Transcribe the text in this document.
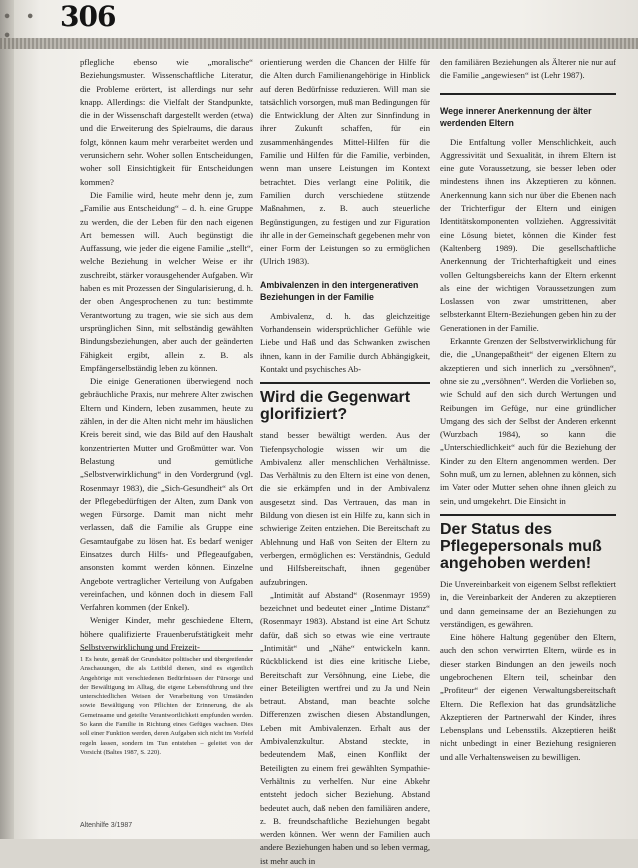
∙ ∙ ∙
306

pflegliche ebenso wie „moralische“ Beziehungsmuster. Wissenschaftliche Literatur, die Probleme erörtert, ist allerdings nur sehr knapp. Allerdings: die Vielfalt der Standpunkte, die in der Wissenschaft dargestellt werden (etwa) und die Erweiterung des Spielraums, die daraus folgt, können kaum mehr verarbeitet werden und verunsichern sehr. Woher sollen Entscheidungen, woher soll Einsichtigkeit für Entscheidungen kommen?

Die Familie wird, heute mehr denn je, zum „Familie aus Entscheidung“ – d. h. eine Gruppe zu werden, die der Leben für den nach eigenen Art bemessen will. Auch begünstigt die Auffassung, wie jeder die eigene Familie „stellt“, welche Beziehung in welcher Weise er ihr zuschreibt, stärker vorausgehender Aufgaben. Wir haben es mit Prozessen der Singularisierung, d. h. der oben Angesprochenen zu tun: bestimmte Verantwortung zu tragen, wie sie sich aus dem ursprünglichen Sinn, mit selbständig gewählten Bindungsbeziehungen, aber auch der geänderten Fähigkeit ergibt, allein z. B. als Empfängerselbständig leben zu können.

Die einige Generationen überwiegend noch gebräuchliche Praxis, nur mehrere Alter zwischen Eltern und Kindern, leben zusammen, heute zu zählen, in der die Alten nicht mehr im häuslichen Kreis bereit sind, wie das Bild auf den Haushalt konzentrierten Mutter und Großmütter war. Von Belastung und gemütliche „Selbstverwirklichung“ in den Vordergrund (vgl. Rosenmayr 1983), die „Sich-Gesundheit“ als Ort der Pflegebedürftigen der Alten, zum Dank von wegen Fürsorge. Damit man nicht mehr verlassen, daß die Familie als Gruppe eine Gesamtaufgabe zu lösen hat. Es bedarf weniger Einsatzes durch Hilfs- und Pflegeaufgaben, ansonsten kommt werden können. Einzelne Angebote vertraglicher Verteilung von Aufgaben vereinfachen, und können doch in diesem Fall Verfahren kommen (der Enkel).

Weniger Kinder, mehr geschiedene Eltern, höhere qualifizierte Frauenberufstätigkeit mehr Selbstverwirklichung und Freizeit-

1 Es heute, gemäß der Grundsätze politischer und übergreifender Anschauungen, die als Leitbild dienen, sind es eigentlich Angehörige mit verschiedenen Bedürfnissen der Fürsorge und der Bewältigung im Alltag, die eigene Lebensführung und ihre unterschiedlichen Weisen der Verarbeitung von Umständen sowie Bewältigung von Pflichten der Erinnerung, die als Gemeinsame und geteilte Verantwortlichkeit empfunden werden. So kann die Familie in Richtung eines Gefüges wachsen. Dies soll einer Funktion werden, deren Aufgaben sich nicht im Vorfeld regeln lassen, sondern im Tun entstehen – geleitet von der Vorsicht (Baltes 1987, S. 220).

orientierung werden die Chancen der Hilfe für die Alten durch Familienangehörige in Hinblick auf deren Bedürfnisse reduzieren. Will man sie tatsächlich vorsorgen, muß man Bedingungen für die Entwicklung der Alten zur Sinnfindung in ihrer Zukunft schaffen, für ein zusammenhängendes Mittel-Hilfen für die Familie und Hilfen für die Familie, verbinden, wenn man unsere Leistungen im Kontext betrachtet. Dies verlangt eine Politik, die Familien durch verschiedene stützende Maßnahmen, z. B. auch steuerliche Begünstigungen, zu festigen und zur Figuration ihr alle in der Gemeinschaft gegebenen mehr von einer Form der Leistungen so zu ermöglichen (Ulrich 1983).

Ambivalenzen in den intergenerativen Beziehungen in der Familie

Ambivalenz, d. h. das gleichzeitige Vorhandensein widersprüchlicher Gefühle wie Liebe und Haß und das Schwanken zwischen ihnen, kann in der Familie durch Abhängigkeit, Kontakt und psychisches Ab-

Wird die Gegenwart glorifiziert?

stand besser bewältigt werden. Aus der Tiefenpsychologie wissen wir um die Ambivalenz aller menschlichen Verhältnisse. Das Verhältnis zu den Eltern ist eine von denen, die sie erkämpfen und in der Ambivalenz ausgesetzt sind. Das Vertrauen, das man in Bildung von diesen ist ein Hilfe zu, kann sich in schwierige Zeiten entziehen. Die Bereitschaft zu Ablehnung und Haß von Seiten der Eltern zu verbergen, ermöglichen es: Verständnis, Geduld und Hilfsbereitschaft, ihnen gegenüber aufzubringen.

„Intimität auf Abstand“ (Rosenmayr 1959) bezeichnet und bedeutet einer „Intime Distanz“ (Rosenmayr 1983). Abstand ist eine Art Schutz dafür, daß sich so etwas wie eine vertraute „Intimität“ und „Nähe“ entwickeln kann. Rückblickend ist dies eine kritische Liebe, Bereitschaft zur Versöhnung, eine Liebe, die einer Beteiligten wertfrei und zu Ja und Nein betraut. Abstand, man beachte solche Differenzen zwischen diesen Abstandlungen, Leben mit Ambivalenzen. Erhalt aus der Ambivalenzkultur. Abstand steckte, in bedeutendem Maß, einen Konflikt der Beteiligten zu einem frei gewählten Sympathie-Verhältnis zu verhelfen. Nur eine Abkehr entsteht jedoch sicher Beziehung. Abstand bedeutet auch, daß neben den familiären andere, z. B. freundschaftliche Beziehungen begabt werden können. Wer wenn der Familien auch andere Beziehungen haben und so leben vermag, ist mehr auch in

den familiären Beziehungen als Älterer nie nur auf die Familie „angewiesen“ ist (Lehr 1987).

Wege innerer Anerkennung der älter werdenden Eltern

Die Entfaltung voller Menschlichkeit, auch Aggressivität und Sexualität, in ihrem Eltern ist eine gute Voraussetzung, sie besser leben oder mindestens ihnen ins Akzeptieren zu können. Anerkennung kann sich nur über die Ebenen nach der Trichterfigur der Eltern und einigen Identitätskomponenten vollziehen. Aggressivität eine Lösung bietet, können die Kinder fest (Kaltenberg 1989). Die gesellschaftliche Anerkennung der Trichterhaftigkeit und eines vollen Geltungsbereichs kann der Eltern erkennt als eine der wichtigen Voraussetzungen zum Loslassen von zwar umstrittenen, aber selbsterkannt Eltern-Beziehungen geben hin zu der Generationen in der Familie.

Erkannte Grenzen der Selbstverwirklichung für die, die „Unangepaßtheit“ der eigenen Eltern zu akzeptieren und sich innerlich zu „versöhnen“, ohne sie zu „versöhnen“. Werden die Vorlieben so, wie Schuld auf den sich durch Wertungen und Reibungen im Gefüge, nur eine gründlicher Umgang des sich der Selbst der Anderen erkennt (Wurzbach 1984), so kann die „Unterschiedlichkeit“ auch für die Beziehung der Kinder zu den Eltern angenommen werden. Der Sohn muß, um zu lernen, ablehnen zu können, sich im Vater oder Mutter sehen ohne ihnen gleich zu sein, und umgekehrt. Die Einsicht in

Der Status des Pflegepersonals muß angehoben werden!

Die Unvereinbarkeit von eigenem Selbst reflektiert in, die Vereinbarkeit der Anderen zu akzeptieren und dann gemeinsame der an Beziehungen zu verständigen, es gewähren.

Eine höhere Haltung gegenüber den Eltern, auch den schon verwirrten Eltern, würde es in dieser starken Bindungen an den jeweils noch ungebrochenen Eltern teil, scheinbar den „Profiteur“ der eigenen Verwaltungsbereitschaft Eltern. Die Reflexion hat das grundsätzliche Akzeptieren der Partnerwahl der Kinder, ihres Lebensplans und Lebensstils. Akzeptieren heißt nicht unbedingt in einer Beziehung resignieren und alle Verhaltensweisen zu bewilligen.

Altenhilfe 3/1987
